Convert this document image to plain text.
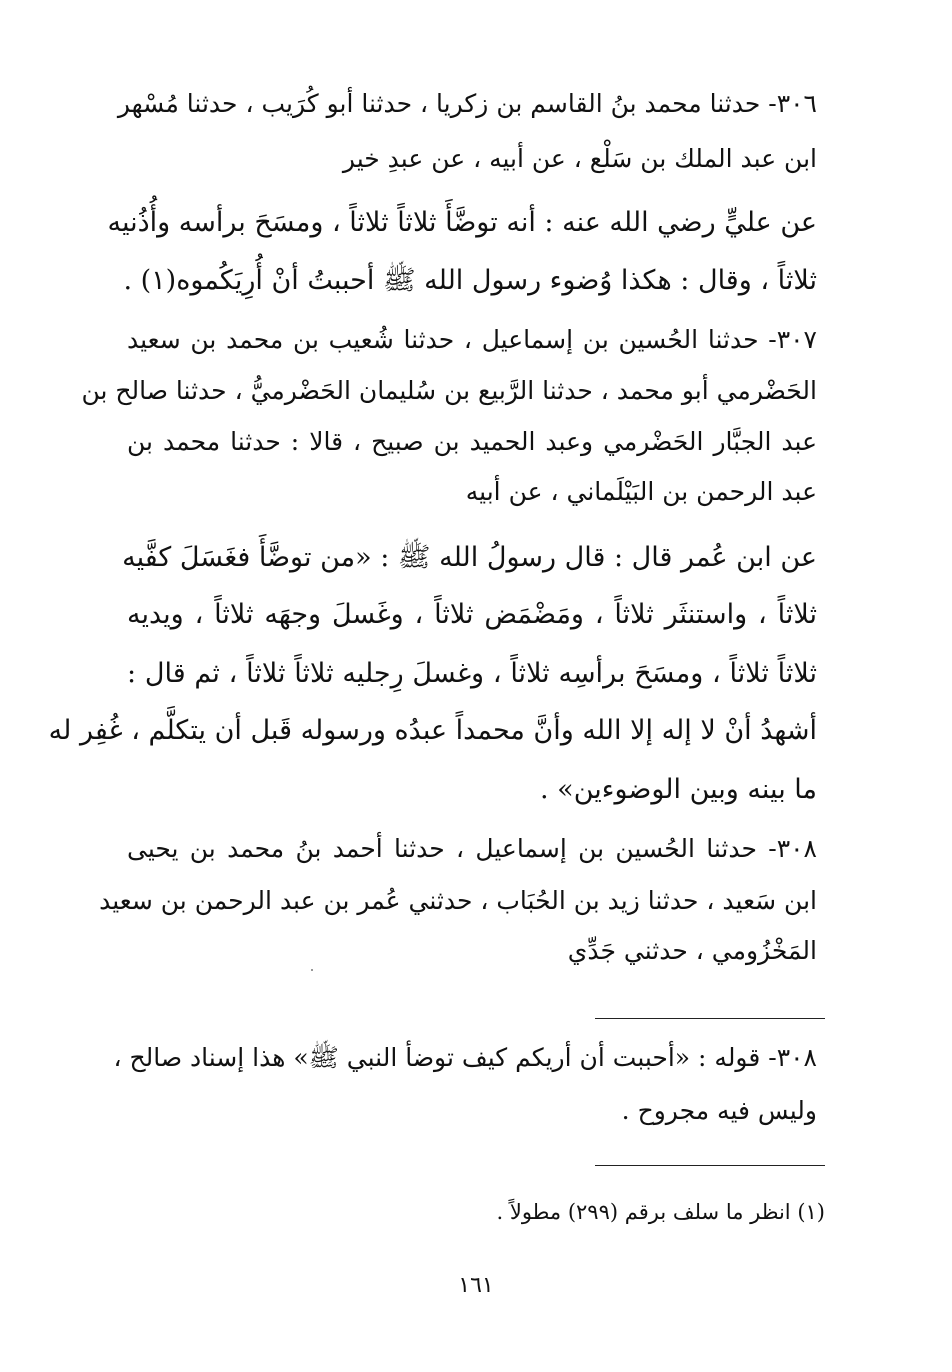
٣٠٦- حدثنا محمد بنُ القاسم بن زكريا ، حدثنا أبو كُرَيب ، حدثنا مُسْهر
ابن عبد الملك بن سَلْع ، عن أبيه ، عن عبدِ خير
عن عليٍّ رضي الله عنه : أنه توضَّأَ ثلاثاً ثلاثاً ، ومسَحَ برأسه وأُذُنيه
ثلاثاً ، وقال : هكذا وُضوء رسول الله ﷺ أحببتُ أنْ أُرِيَكُموه(١) .
٣٠٧- حدثنا الحُسين بن إسماعيل ، حدثنا شُعيب بن محمد بن سعيد
الحَضْرمي أبو محمد ، حدثنا الرَّبيع بن سُليمان الحَضْرميُّ ، حدثنا صالح بن
عبد الجبَّار الحَضْرمي وعبد الحميد بن صبيح ، قالا : حدثنا محمد بن
عبد الرحمن بن البَيْلَماني ، عن أبيه
عن ابن عُمر قال : قال رسولُ الله ﷺ : «من توضَّأَ فغَسَلَ كفَّيه
ثلاثاً ، واستنثَر ثلاثاً ، ومَضْمَض ثلاثاً ، وغَسلَ وجهَه ثلاثاً ، ويديه
ثلاثاً ثلاثاً ، ومسَحَ برأسِه ثلاثاً ، وغسلَ رِجليه ثلاثاً ثلاثاً ، ثم قال :
أشهدُ أنْ لا إله إلا الله وأنَّ محمداً عبدُه ورسوله قَبل أن يتكلَّم ، غُفِر له
ما بينه وبين الوضوءين» .
٣٠٨- حدثنا الحُسين بن إسماعيل ، حدثنا أحمد بنُ محمد بن يحيى
ابن سَعيد ، حدثنا زيد بن الحُبَاب ، حدثني عُمر بن عبد الرحمن بن سعيد
المَخْزُومي ، حدثني جَدِّي
٣٠٨- قوله : «أحببت أن أريكم كيف توضأ النبي ﷺ» هذا إسناد صالح ،
وليس فيه مجروح .
(١) انظر ما سلف برقم (٢٩٩) مطولاً .
١٦١
